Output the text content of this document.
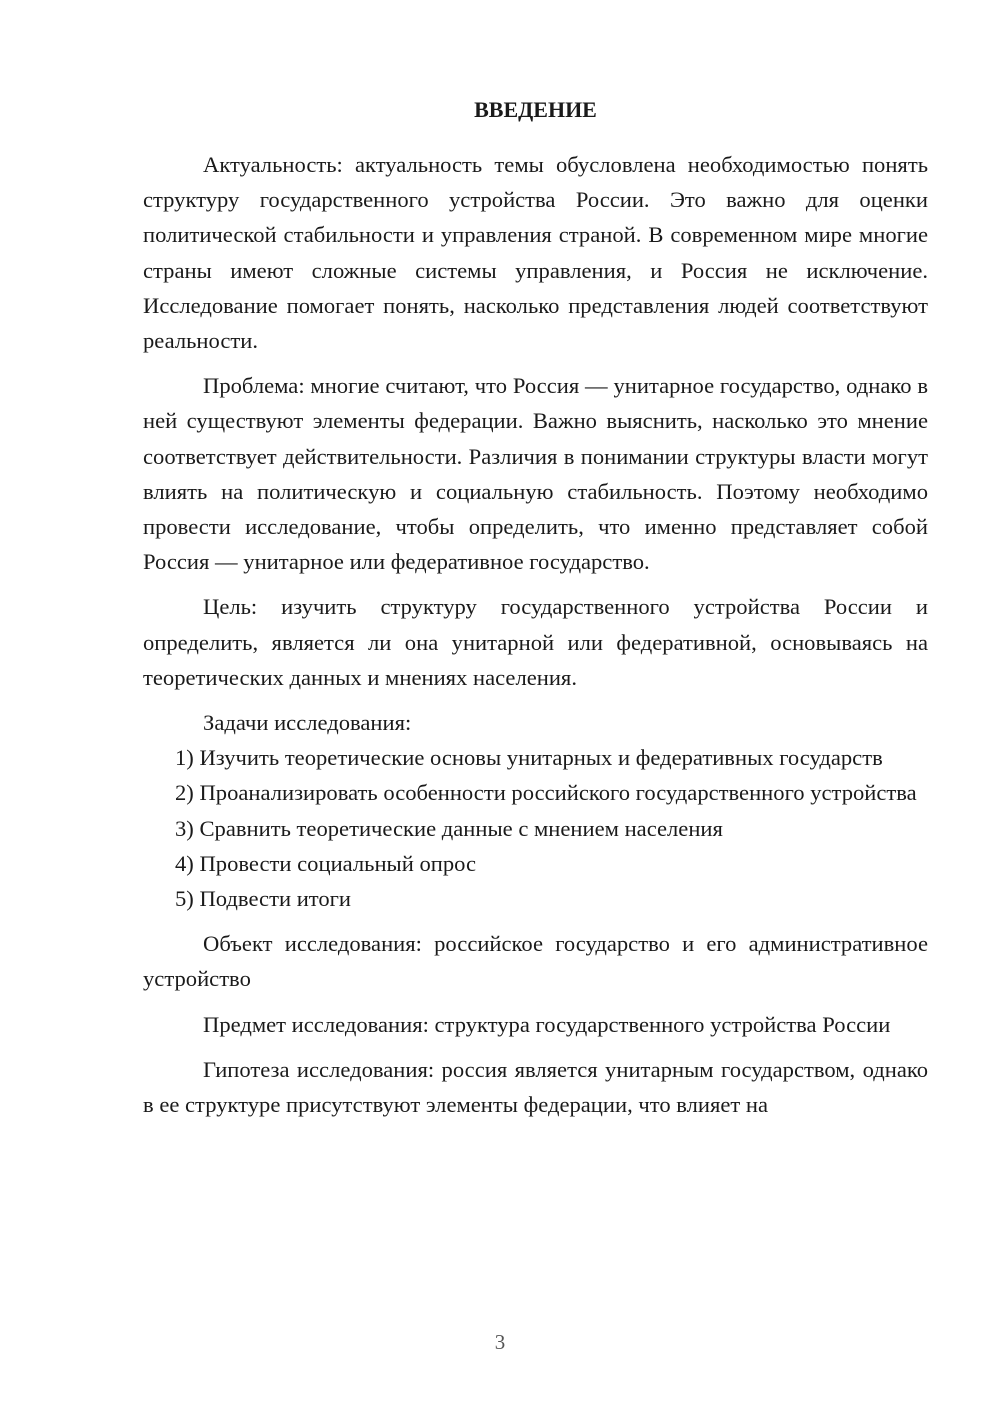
ВВЕДЕНИЕ

Актуальность: актуальность темы обусловлена необходимостью понять структуру государственного устройства России. Это важно для оценки политической стабильности и управления страной. В современном мире многие страны имеют сложные системы управления, и Россия не исключение. Исследование помогает понять, насколько представления людей соответствуют реальности.

Проблема: многие считают, что Россия — унитарное государство, однако в ней существуют элементы федерации. Важно выяснить, насколько это мнение соответствует действительности. Различия в понимании структуры власти могут влиять на политическую и социальную стабильность. Поэтому необходимо провести исследование, чтобы определить, что именно представляет собой Россия — унитарное или федеративное государство.

Цель: изучить структуру государственного устройства России и определить, является ли она унитарной или федеративной, основываясь на теоретических данных и мнениях населения.

Задачи исследования:

1) Изучить теоретические основы унитарных и федеративных государств

2) Проанализировать особенности российского государственного устройства

3) Сравнить теоретические данные с мнением населения

4) Провести социальный опрос

5) Подвести итоги

Объект исследования: российское государство и его административное устройство

Предмет исследования: структура государственного устройства России

Гипотеза исследования: россия является унитарным государством, однако в ее структуре присутствуют элементы федерации, что влияет на

3
